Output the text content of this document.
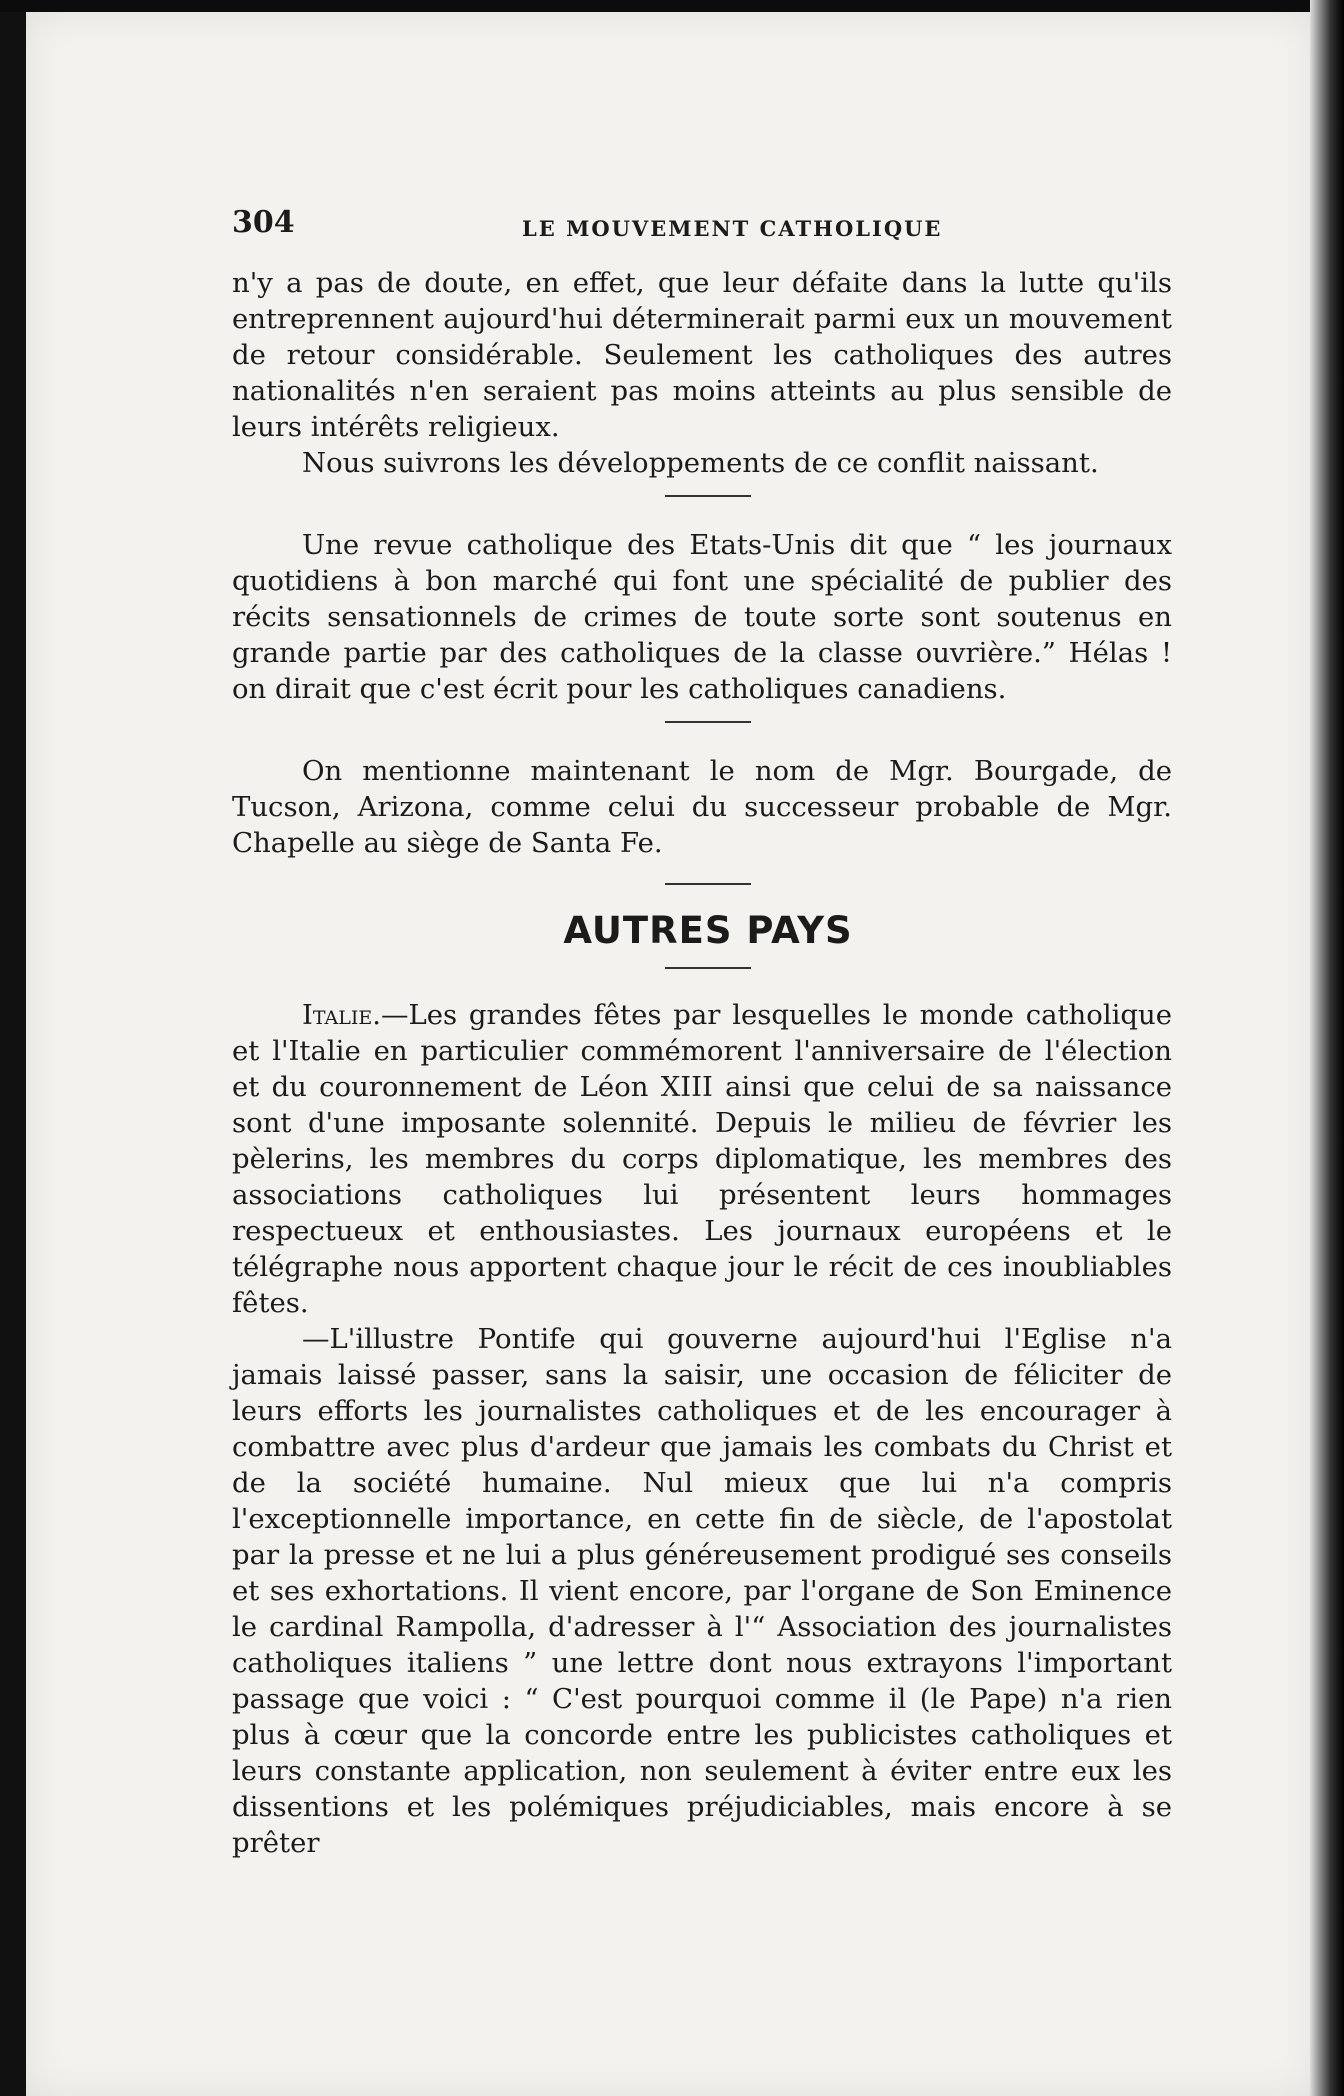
304	LE MOUVEMENT CATHOLIQUE

n'y a pas de doute, en effet, que leur défaite dans la lutte qu'ils entreprennent aujourd'hui déterminerait parmi eux un mouvement de retour considérable. Seulement les catholiques des autres nationalités n'en seraient pas moins atteints au plus sensible de leurs intérêts religieux.

Nous suivrons les développements de ce conflit naissant.

Une revue catholique des Etats-Unis dit que “ les journaux quotidiens à bon marché qui font une spécialité de publier des récits sensationnels de crimes de toute sorte sont soutenus en grande partie par des catholiques de la classe ouvrière.” Hélas ! on dirait que c'est écrit pour les catholiques canadiens.

On mentionne maintenant le nom de Mgr. Bourgade, de Tucson, Arizona, comme celui du successeur probable de Mgr. Chapelle au siège de Santa Fe.

AUTRES PAYS

Italie.—Les grandes fêtes par lesquelles le monde catholique et l'Italie en particulier commémorent l'anniversaire de l'élection et du couronnement de Léon XIII ainsi que celui de sa naissance sont d'une imposante solennité. Depuis le milieu de février les pèlerins, les membres du corps diplomatique, les membres des associations catholiques lui présentent leurs hommages respectueux et enthousiastes. Les journaux européens et le télégraphe nous apportent chaque jour le récit de ces inoubliables fêtes.

—L'illustre Pontife qui gouverne aujourd'hui l'Eglise n'a jamais laissé passer, sans la saisir, une occasion de féliciter de leurs efforts les journalistes catholiques et de les encourager à combattre avec plus d'ardeur que jamais les combats du Christ et de la société humaine. Nul mieux que lui n'a compris l'exceptionnelle importance, en cette fin de siècle, de l'apostolat par la presse et ne lui a plus généreusement prodigué ses conseils et ses exhortations. Il vient encore, par l'organe de Son Eminence le cardinal Rampolla, d'adresser à l'“ Association des journalistes catholiques italiens ” une lettre dont nous extrayons l'important passage que voici : “ C'est pourquoi comme il (le Pape) n'a rien plus à cœur que la concorde entre les publicistes catholiques et leurs constante application, non seulement à éviter entre eux les dissentions et les polémiques préjudiciables, mais encore à se prêter
